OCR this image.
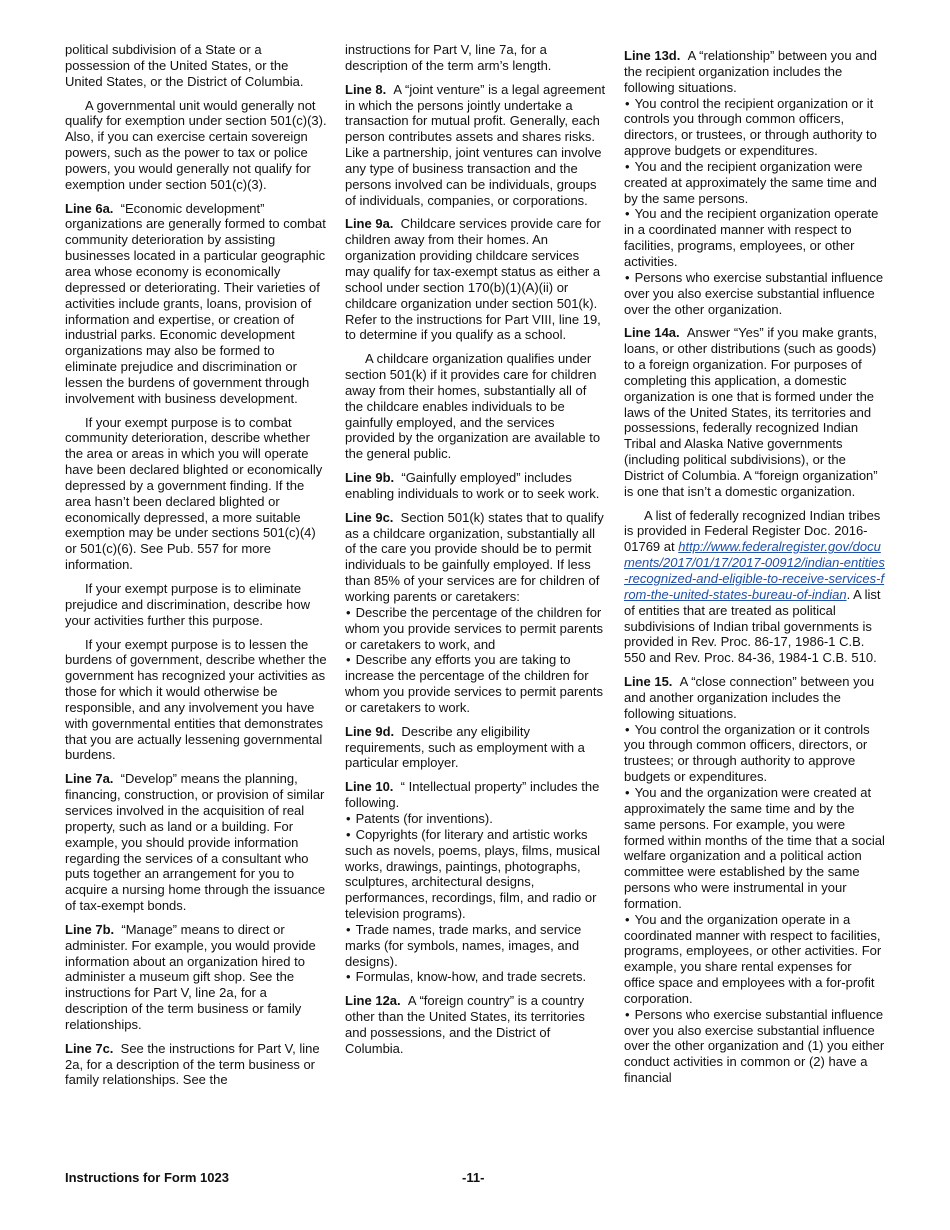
political subdivision of a State or a possession of the United States, or the United States, or the District of Columbia.

A governmental unit would generally not qualify for exemption under section 501(c)(3). Also, if you can exercise certain sovereign powers, such as the power to tax or police powers, you would generally not qualify for exemption under section 501(c)(3).

Line 6a. “Economic development” organizations are generally formed to combat community deterioration by assisting businesses located in a particular geographic area whose economy is economically depressed or deteriorating. Their varieties of activities include grants, loans, provision of information and expertise, or creation of industrial parks. Economic development organizations may also be formed to eliminate prejudice and discrimination or lessen the burdens of government through involvement with business development.

If your exempt purpose is to combat community deterioration, describe whether the area or areas in which you will operate have been declared blighted or economically depressed by a government finding. If the area hasn’t been declared blighted or economically depressed, a more suitable exemption may be under sections 501(c)(4) or 501(c)(6). See Pub. 557 for more information.

If your exempt purpose is to eliminate prejudice and discrimination, describe how your activities further this purpose.

If your exempt purpose is to lessen the burdens of government, describe whether the government has recognized your activities as those for which it would otherwise be responsible, and any involvement you have with governmental entities that demonstrates that you are actually lessening governmental burdens.

Line 7a. “Develop” means the planning, financing, construction, or provision of similar services involved in the acquisition of real property, such as land or a building. For example, you should provide information regarding the services of a consultant who puts together an arrangement for you to acquire a nursing home through the issuance of tax-exempt bonds.

Line 7b. “Manage” means to direct or administer. For example, you would provide information about an organization hired to administer a museum gift shop. See the instructions for Part V, line 2a, for a description of the term business or family relationships.

Line 7c. See the instructions for Part V, line 2a, for a description of the term business or family relationships. See the

instructions for Part V, line 7a, for a description of the term arm’s length.

Line 8. A “joint venture” is a legal agreement in which the persons jointly undertake a transaction for mutual profit. Generally, each person contributes assets and shares risks. Like a partnership, joint ventures can involve any type of business transaction and the persons involved can be individuals, groups of individuals, companies, or corporations.

Line 9a. Childcare services provide care for children away from their homes. An organization providing childcare services may qualify for tax-exempt status as either a school under section 170(b)(1)(A)(ii) or childcare organization under section 501(k). Refer to the instructions for Part VIII, line 19, to determine if you qualify as a school.

A childcare organization qualifies under section 501(k) if it provides care for children away from their homes, substantially all of the childcare enables individuals to be gainfully employed, and the services provided by the organization are available to the general public.

Line 9b. “Gainfully employed” includes enabling individuals to work or to seek work.

Line 9c. Section 501(k) states that to qualify as a childcare organization, substantially all of the care you provide should be to permit individuals to be gainfully employed. If less than 85% of your services are for children of working parents or caretakers:

• Describe the percentage of the children for whom you provide services to permit parents or caretakers to work, and
• Describe any efforts you are taking to increase the percentage of the children for whom you provide services to permit parents or caretakers to work.

Line 9d. Describe any eligibility requirements, such as employment with a particular employer.

Line 10. “ Intellectual property” includes the following.

• Patents (for inventions).
• Copyrights (for literary and artistic works such as novels, poems, plays, films, musical works, drawings, paintings, photographs, sculptures, architectural designs, performances, recordings, film, and radio or television programs).
• Trade names, trade marks, and service marks (for symbols, names, images, and designs).
• Formulas, know-how, and trade secrets.

Line 12a. A “foreign country” is a country other than the United States, its territories and possessions, and the District of Columbia.

Line 13d. A “relationship” between you and the recipient organization includes the following situations.

• You control the recipient organization or it controls you through common officers, directors, or trustees, or through authority to approve budgets or expenditures.
• You and the recipient organization were created at approximately the same time and by the same persons.
• You and the recipient organization operate in a coordinated manner with respect to facilities, programs, employees, or other activities.
• Persons who exercise substantial influence over you also exercise substantial influence over the other organization.

Line 14a. Answer “Yes” if you make grants, loans, or other distributions (such as goods) to a foreign organization. For purposes of completing this application, a domestic organization is one that is formed under the laws of the United States, its territories and possessions, federally recognized Indian Tribal and Alaska Native governments (including political subdivisions), or the District of Columbia. A “foreign organization” is one that isn’t a domestic organization.

A list of federally recognized Indian tribes is provided in Federal Register Doc. 2016-01769 at http://www.federalregister.gov/documents/2017/01/17/2017-00912/indian-entities-recognized-and-eligible-to-receive-services-from-the-united-states-bureau-of-indian. A list of entities that are treated as political subdivisions of Indian tribal governments is provided in Rev. Proc. 86-17, 1986-1 C.B. 550 and Rev. Proc. 84-36, 1984-1 C.B. 510.

Line 15. A “close connection” between you and another organization includes the following situations.

• You control the organization or it controls you through common officers, directors, or trustees; or through authority to approve budgets or expenditures.
• You and the organization were created at approximately the same time and by the same persons. For example, you were formed within months of the time that a social welfare organization and a political action committee were established by the same persons who were instrumental in your formation.
• You and the organization operate in a coordinated manner with respect to facilities, programs, employees, or other activities. For example, you share rental expenses for office space and employees with a for-profit corporation.
• Persons who exercise substantial influence over you also exercise substantial influence over the other organization and (1) you either conduct activities in common or (2) have a financial
Instructions for Form 1023	-11-
